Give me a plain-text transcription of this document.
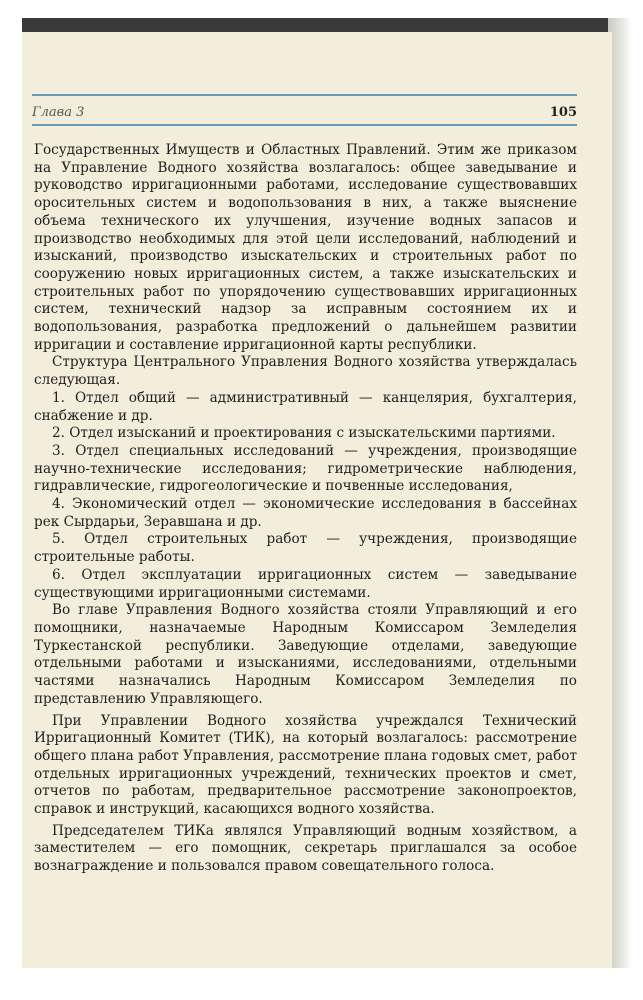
Глава 3	105

Государственных Имуществ и Областных Правлений. Этим же приказом на Управление Водного хозяйства возлагалось: общее заведывание и руководство ирригационными работами, исследование существовавших оросительных систем и водопользования в них, а также выяснение объема технического их улучшения, изучение водных запасов и производство необходимых для этой цели исследований, наблюдений и изысканий, производство изыскательских и строительных работ по сооружению новых ирригационных систем, а также изыскательских и строительных работ по упорядочению существовавших ирригационных систем, технический надзор за исправным состоянием их и водопользования, разработка предложений о дальнейшем развитии ирригации и составление ирригационной карты республики.

Структура Центрального Управления Водного хозяйства утверждалась следующая.

1. Отдел общий — административный — канцелярия, бухгалтерия, снабжение и др.

2. Отдел изысканий и проектирования с изыскательскими партиями.

3. Отдел специальных исследований — учреждения, производящие научно-технические исследования; гидрометрические наблюдения, гидравлические, гидрогеологические и почвенные исследования,

4. Экономический отдел — экономические исследования в бассейнах рек Сырдарьи, Зеравшана и др.

5. Отдел строительных работ — учреждения, производящие строительные работы.

6. Отдел эксплуатации ирригационных систем — заведывание существующими ирригационными системами.

Во главе Управления Водного хозяйства стояли Управляющий и его помощники, назначаемые Народным Комиссаром Земледелия Туркестанской республики. Заведующие отделами, заведующие отдельными работами и изысканиями, исследованиями, отдельными частями назначались Народным Комиссаром Земледелия по представлению Управляющего.

При Управлении Водного хозяйства учреждался Технический Ирригационный Комитет (ТИК), на который возлагалось: рассмотрение общего плана работ Управления, рассмотрение плана годовых смет, работ отдельных ирригационных учреждений, технических проектов и смет, отчетов по работам, предварительное рассмотрение законопроектов, справок и инструкций, касающихся водного хозяйства.

Председателем ТИКа являлся Управляющий водным хозяйством, а заместителем — его помощник, секретарь приглашался за особое вознаграждение и пользовался правом совещательного голоса.
